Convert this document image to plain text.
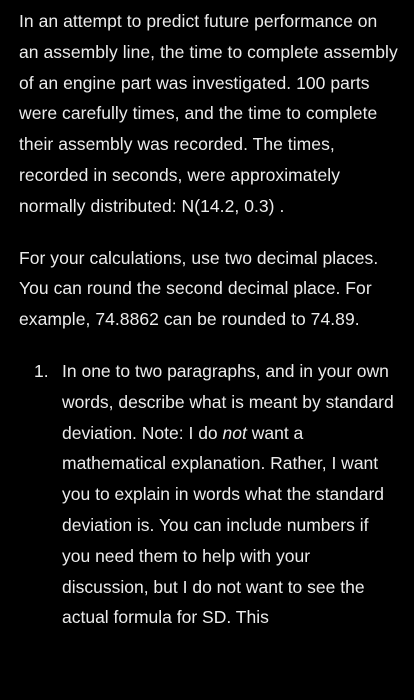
In an attempt to predict future performance on an assembly line, the time to complete assembly of an engine part was investigated. 100 parts were carefully times, and the time to complete their assembly was recorded. The times, recorded in seconds, were approximately normally distributed: N(14.2, 0.3) .

For your calculations, use two decimal places. You can round the second decimal place. For example, 74.8862 can be rounded to 74.89.

1. In one to two paragraphs, and in your own words, describe what is meant by standard deviation. Note: I do not want a mathematical explanation. Rather, I want you to explain in words what the standard deviation is. You can include numbers if you need them to help with your discussion, but I do not want to see the actual formula for SD. This
